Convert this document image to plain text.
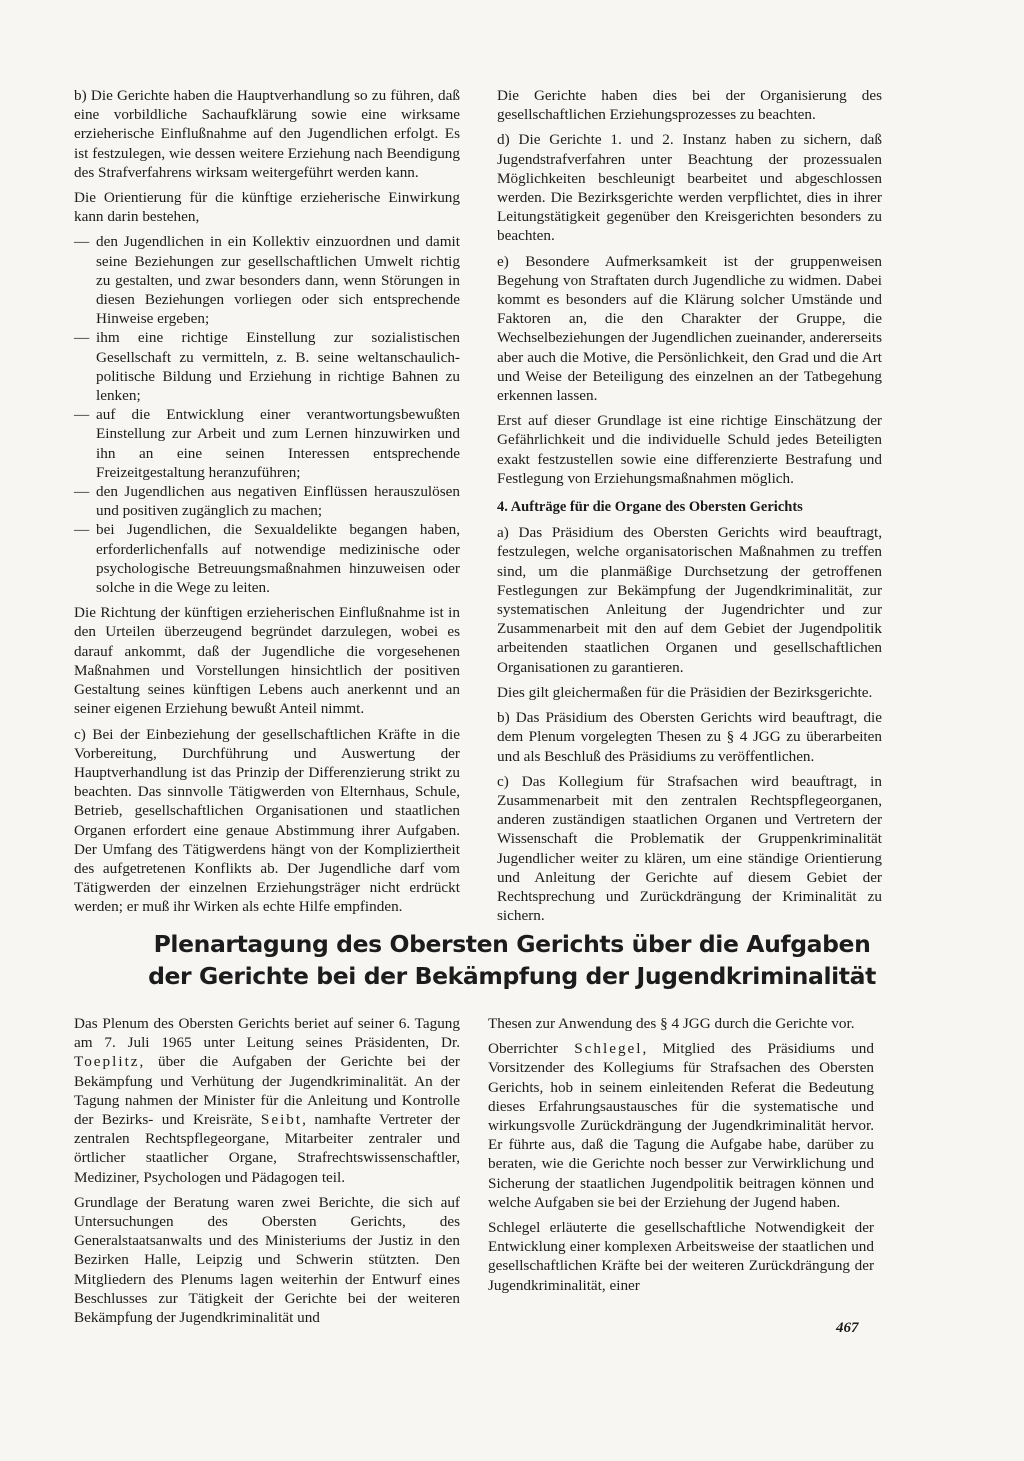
b) Die Gerichte haben die Hauptverhandlung so zu führen, daß eine vorbildliche Sachaufklärung sowie eine wirksame erzieherische Einflußnahme auf den Jugendlichen erfolgt. Es ist festzulegen, wie dessen weitere Erziehung nach Beendigung des Strafverfahrens wirksam weitergeführt werden kann.

Die Orientierung für die künftige erzieherische Einwirkung kann darin bestehen,

— den Jugendlichen in ein Kollektiv einzuordnen und damit seine Beziehungen zur gesellschaftlichen Umwelt richtig zu gestalten, und zwar besonders dann, wenn Störungen in diesen Beziehungen vorliegen oder sich entsprechende Hinweise ergeben;
— ihm eine richtige Einstellung zur sozialistischen Gesellschaft zu vermitteln, z. B. seine weltanschaulich-politische Bildung und Erziehung in richtige Bahnen zu lenken;
— auf die Entwicklung einer verantwortungsbewußten Einstellung zur Arbeit und zum Lernen hinzuwirken und ihn an eine seinen Interessen entsprechende Freizeitgestaltung heranzuführen;
— den Jugendlichen aus negativen Einflüssen herauszulösen und positiven zugänglich zu machen;
— bei Jugendlichen, die Sexualdelikte begangen haben, erforderlichenfalls auf notwendige medizinische oder psychologische Betreuungsmaßnahmen hinzuweisen oder solche in die Wege zu leiten.

Die Richtung der künftigen erzieherischen Einflußnahme ist in den Urteilen überzeugend begründet darzulegen, wobei es darauf ankommt, daß der Jugendliche die vorgesehenen Maßnahmen und Vorstellungen hinsichtlich der positiven Gestaltung seines künftigen Lebens auch anerkennt und an seiner eigenen Erziehung bewußt Anteil nimmt.

c) Bei der Einbeziehung der gesellschaftlichen Kräfte in die Vorbereitung, Durchführung und Auswertung der Hauptverhandlung ist das Prinzip der Differenzierung strikt zu beachten. Das sinnvolle Tätigwerden von Elternhaus, Schule, Betrieb, gesellschaftlichen Organisationen und staatlichen Organen erfordert eine genaue Abstimmung ihrer Aufgaben. Der Umfang des Tätigwerdens hängt von der Kompliziertheit des aufgetretenen Konflikts ab. Der Jugendliche darf vom Tätigwerden der einzelnen Erziehungsträger nicht erdrückt werden; er muß ihr Wirken als echte Hilfe empfinden.

Die Gerichte haben dies bei der Organisierung des gesellschaftlichen Erziehungsprozesses zu beachten.

d) Die Gerichte 1. und 2. Instanz haben zu sichern, daß Jugendstrafverfahren unter Beachtung der prozessualen Möglichkeiten beschleunigt bearbeitet und abgeschlossen werden. Die Bezirksgerichte werden verpflichtet, dies in ihrer Leitungstätigkeit gegenüber den Kreisgerichten besonders zu beachten.

e) Besondere Aufmerksamkeit ist der gruppenweisen Begehung von Straftaten durch Jugendliche zu widmen. Dabei kommt es besonders auf die Klärung solcher Umstände und Faktoren an, die den Charakter der Gruppe, die Wechselbeziehungen der Jugendlichen zueinander, andererseits aber auch die Motive, die Persönlichkeit, den Grad und die Art und Weise der Beteiligung des einzelnen an der Tatbegehung erkennen lassen.

Erst auf dieser Grundlage ist eine richtige Einschätzung der Gefährlichkeit und die individuelle Schuld jedes Beteiligten exakt festzustellen sowie eine differenzierte Bestrafung und Festlegung von Erziehungsmaßnahmen möglich.

4. Aufträge für die Organe des Obersten Gerichts

a) Das Präsidium des Obersten Gerichts wird beauftragt, festzulegen, welche organisatorischen Maßnahmen zu treffen sind, um die planmäßige Durchsetzung der getroffenen Festlegungen zur Bekämpfung der Jugendkriminalität, zur systematischen Anleitung der Jugendrichter und zur Zusammenarbeit mit den auf dem Gebiet der Jugendpolitik arbeitenden staatlichen Organen und gesellschaftlichen Organisationen zu garantieren.

Dies gilt gleichermaßen für die Präsidien der Bezirksgerichte.

b) Das Präsidium des Obersten Gerichts wird beauftragt, die dem Plenum vorgelegten Thesen zu § 4 JGG zu überarbeiten und als Beschluß des Präsidiums zu veröffentlichen.

c) Das Kollegium für Strafsachen wird beauftragt, in Zusammenarbeit mit den zentralen Rechtspflegeorganen, anderen zuständigen staatlichen Organen und Vertretern der Wissenschaft die Problematik der Gruppenkriminalität Jugendlicher weiter zu klären, um eine ständige Orientierung und Anleitung der Gerichte auf diesem Gebiet der Rechtsprechung und Zurückdrängung der Kriminalität zu sichern.

Plenartagung des Obersten Gerichts über die Aufgaben
der Gerichte bei der Bekämpfung der Jugendkriminalität

Das Plenum des Obersten Gerichts beriet auf seiner 6. Tagung am 7. Juli 1965 unter Leitung seines Präsidenten, Dr. Toeplitz, über die Aufgaben der Gerichte bei der Bekämpfung und Verhütung der Jugendkriminalität. An der Tagung nahmen der Minister für die Anleitung und Kontrolle der Bezirks- und Kreisräte, Seibt, namhafte Vertreter der zentralen Rechtspflegeorgane, Mitarbeiter zentraler und örtlicher staatlicher Organe, Strafrechtswissenschaftler, Mediziner, Psychologen und Pädagogen teil.

Grundlage der Beratung waren zwei Berichte, die sich auf Untersuchungen des Obersten Gerichts, des Generalstaatsanwalts und des Ministeriums der Justiz in den Bezirken Halle, Leipzig und Schwerin stützten. Den Mitgliedern des Plenums lagen weiterhin der Entwurf eines Beschlusses zur Tätigkeit der Gerichte bei der weiteren Bekämpfung der Jugendkriminalität und

Thesen zur Anwendung des § 4 JGG durch die Gerichte vor.

Oberrichter Schlegel, Mitglied des Präsidiums und Vorsitzender des Kollegiums für Strafsachen des Obersten Gerichts, hob in seinem einleitenden Referat die Bedeutung dieses Erfahrungsaustausches für die systematische und wirkungsvolle Zurückdrängung der Jugendkriminalität hervor. Er führte aus, daß die Tagung die Aufgabe habe, darüber zu beraten, wie die Gerichte noch besser zur Verwirklichung und Sicherung der staatlichen Jugendpolitik beitragen können und welche Aufgaben sie bei der Erziehung der Jugend haben.

Schlegel erläuterte die gesellschaftliche Notwendigkeit der Entwicklung einer komplexen Arbeitsweise der staatlichen und gesellschaftlichen Kräfte bei der weiteren Zurückdrängung der Jugendkriminalität, einer

467
